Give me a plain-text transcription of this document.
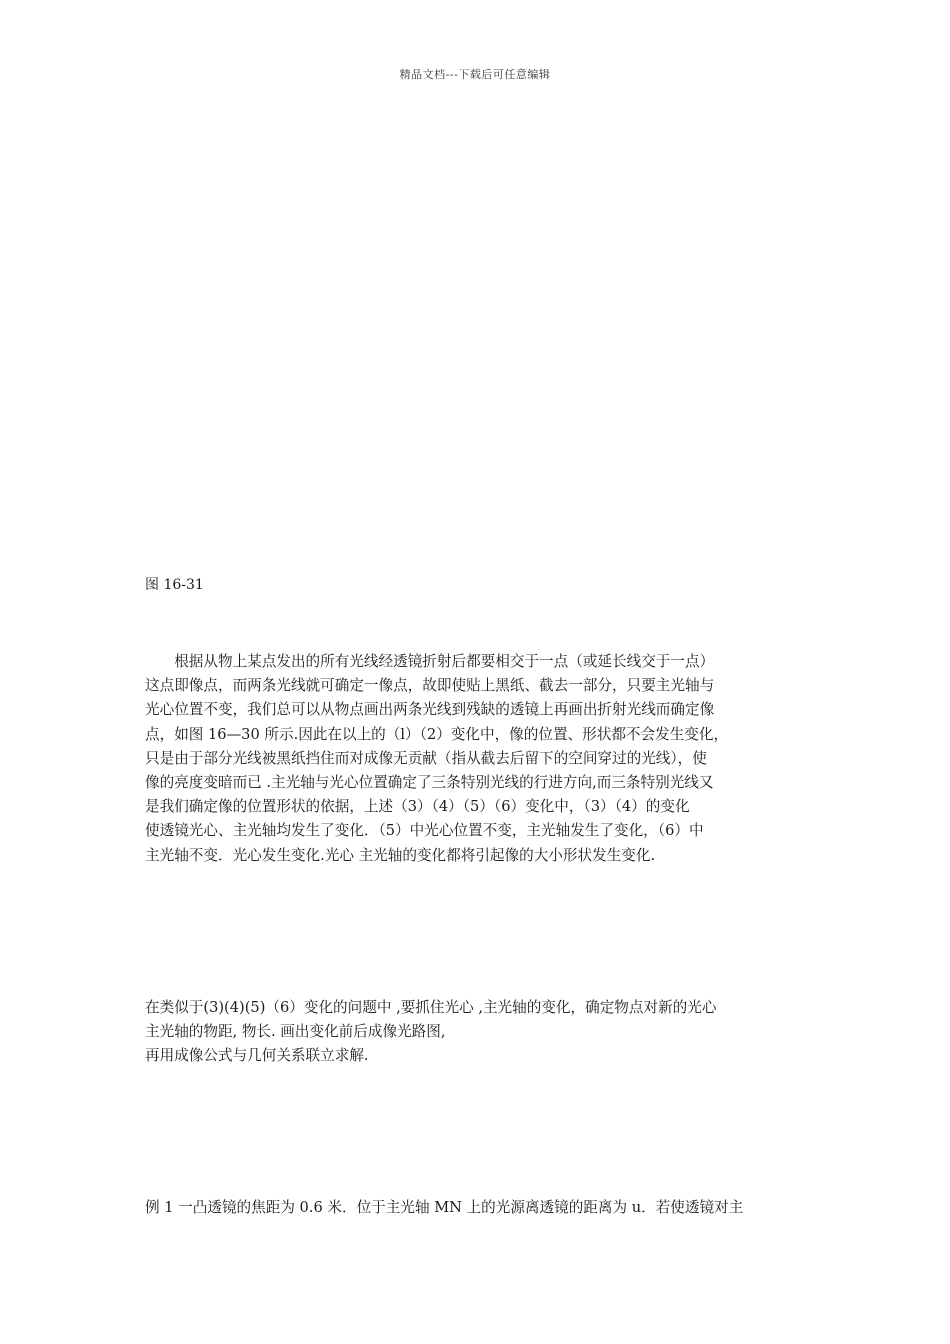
精品文档---下载后可任意编辑
图 16-31

根据从物上某点发出的所有光线经透镜折射后都要相交于一点（或延长线交于一点）
这点即像点，而两条光线就可确定一像点，故即使贴上黑纸、截去一部分，只要主光轴与
光心位置不变，我们总可以从物点画出两条光线到残缺的透镜上再画出折射光线而确定像
点，如图 16—30 所示.因此在以上的（l）（2）变化中，像的位置、形状都不会发生变化，
只是由于部分光线被黑纸挡住而对成像无贡献（指从截去后留下的空间穿过的光线），使
像的亮度变暗而已 .主光轴与光心位置确定了三条特别光线的行进方向,而三条特别光线又
是我们确定像的位置形状的依据，上述（3）（4）（5）（6）变化中，（3）（4）的变化
使透镜光心、主光轴均发生了变化．（5）中光心位置不变，主光轴发生了变化，（6）中
主光轴不变．光心发生变化.光心 主光轴的变化都将引起像的大小形状发生变化.

在类似于(3)(4)(5)（6）变化的问题中 ,要抓住光心 ,主光轴的变化，确定物点对新的光心
主光轴的物距, 物长. 画出变化前后成像光路图,
再用成像公式与几何关系联立求解.

例 1 一凸透镜的焦距为 0.6 米．位于主光轴 MN 上的光源离透镜的距离为 u．若使透镜对主
